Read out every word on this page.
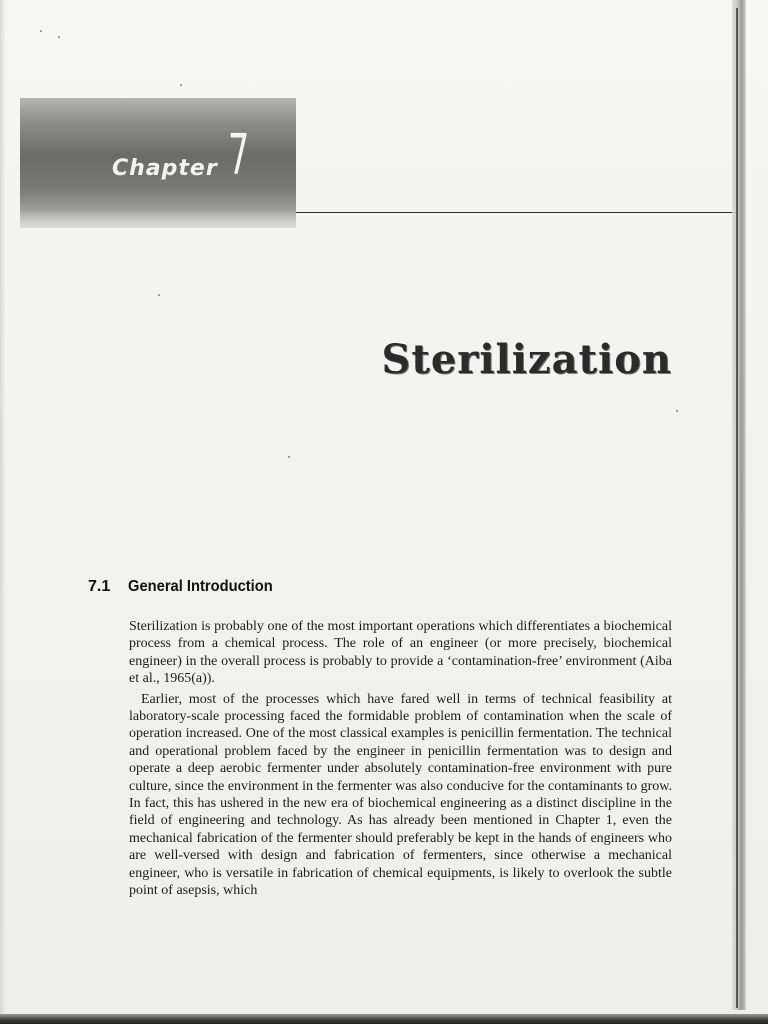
Chapter 7
Sterilization
7.1 General Introduction

Sterilization is probably one of the most important operations which differentiates a biochemical process from a chemical process. The role of an engineer (or more precisely, biochemical engineer) in the overall process is probably to provide a ‘contamination-free’ environment (Aiba et al., 1965(a)).

Earlier, most of the processes which have fared well in terms of technical feasibility at laboratory-scale processing faced the formidable problem of contamination when the scale of operation increased. One of the most classical examples is penicillin fermentation. The technical and operational problem faced by the engineer in penicillin fermentation was to design and operate a deep aerobic fermenter under absolutely contamination-free environment with pure culture, since the environment in the fermenter was also conducive for the contaminants to grow. In fact, this has ushered in the new era of biochemical engineering as a distinct discipline in the field of engineering and technology. As has already been mentioned in Chapter 1, even the mechanical fabrication of the fermenter should preferably be kept in the hands of engineers who are well-versed with design and fabrication of fermenters, since otherwise a mechanical engineer, who is versatile in fabrication of chemical equipments, is likely to overlook the subtle point of asepsis, which
